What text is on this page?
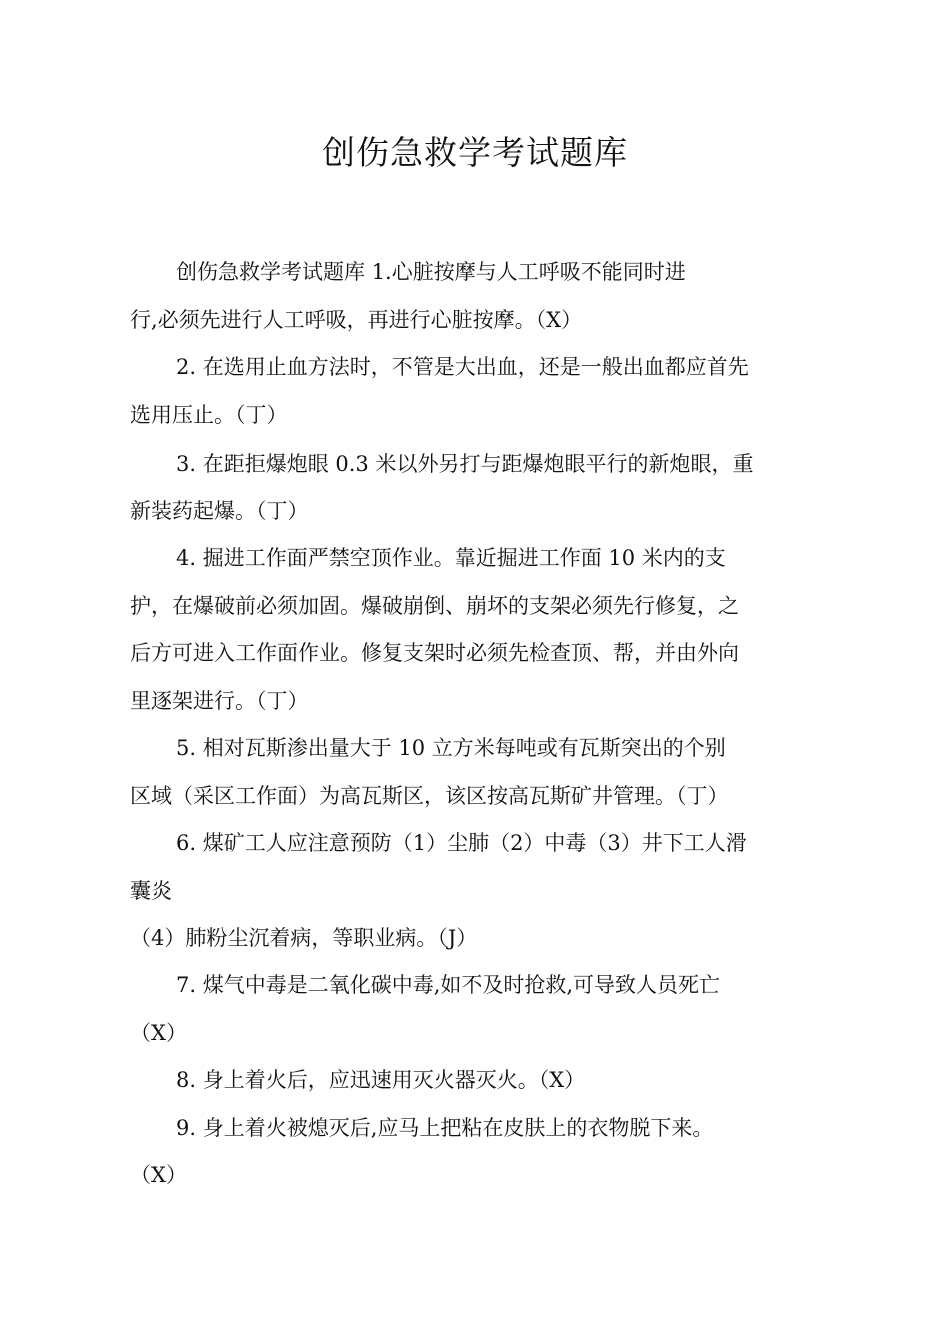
创伤急救学考试题库
创伤急救学考试题库 1.心脏按摩与人工呼吸不能同时进
行,必须先进行人工呼吸，再进行心脏按摩。（X）
2. 在选用止血方法时，不管是大出血，还是一般出血都应首先
选用压止。（丁）
3. 在距拒爆炮眼 0.3 米以外另打与距爆炮眼平行的新炮眼，重
新装药起爆。（丁）
4. 掘进工作面严禁空顶作业。靠近掘进工作面 10 米内的支
护，在爆破前必须加固。爆破崩倒、崩坏的支架必须先行修复，之
后方可进入工作面作业。修复支架时必须先检查顶、帮，并由外向
里逐架进行。（丁）
5. 相对瓦斯渗出量大于 10 立方米每吨或有瓦斯突出的个别
区域（采区工作面）为高瓦斯区，该区按高瓦斯矿井管理。（丁）
6. 煤矿工人应注意预防（1）尘肺（2）中毒（3）井下工人滑
囊炎
（4）肺粉尘沉着病，等职业病。（J）
7. 煤气中毒是二氧化碳中毒,如不及时抢救,可导致人员死亡
（X）
8. 身上着火后，应迅速用灭火器灭火。（X）
9. 身上着火被熄灭后,应马上把粘在皮肤上的衣物脱下来。
（X）
